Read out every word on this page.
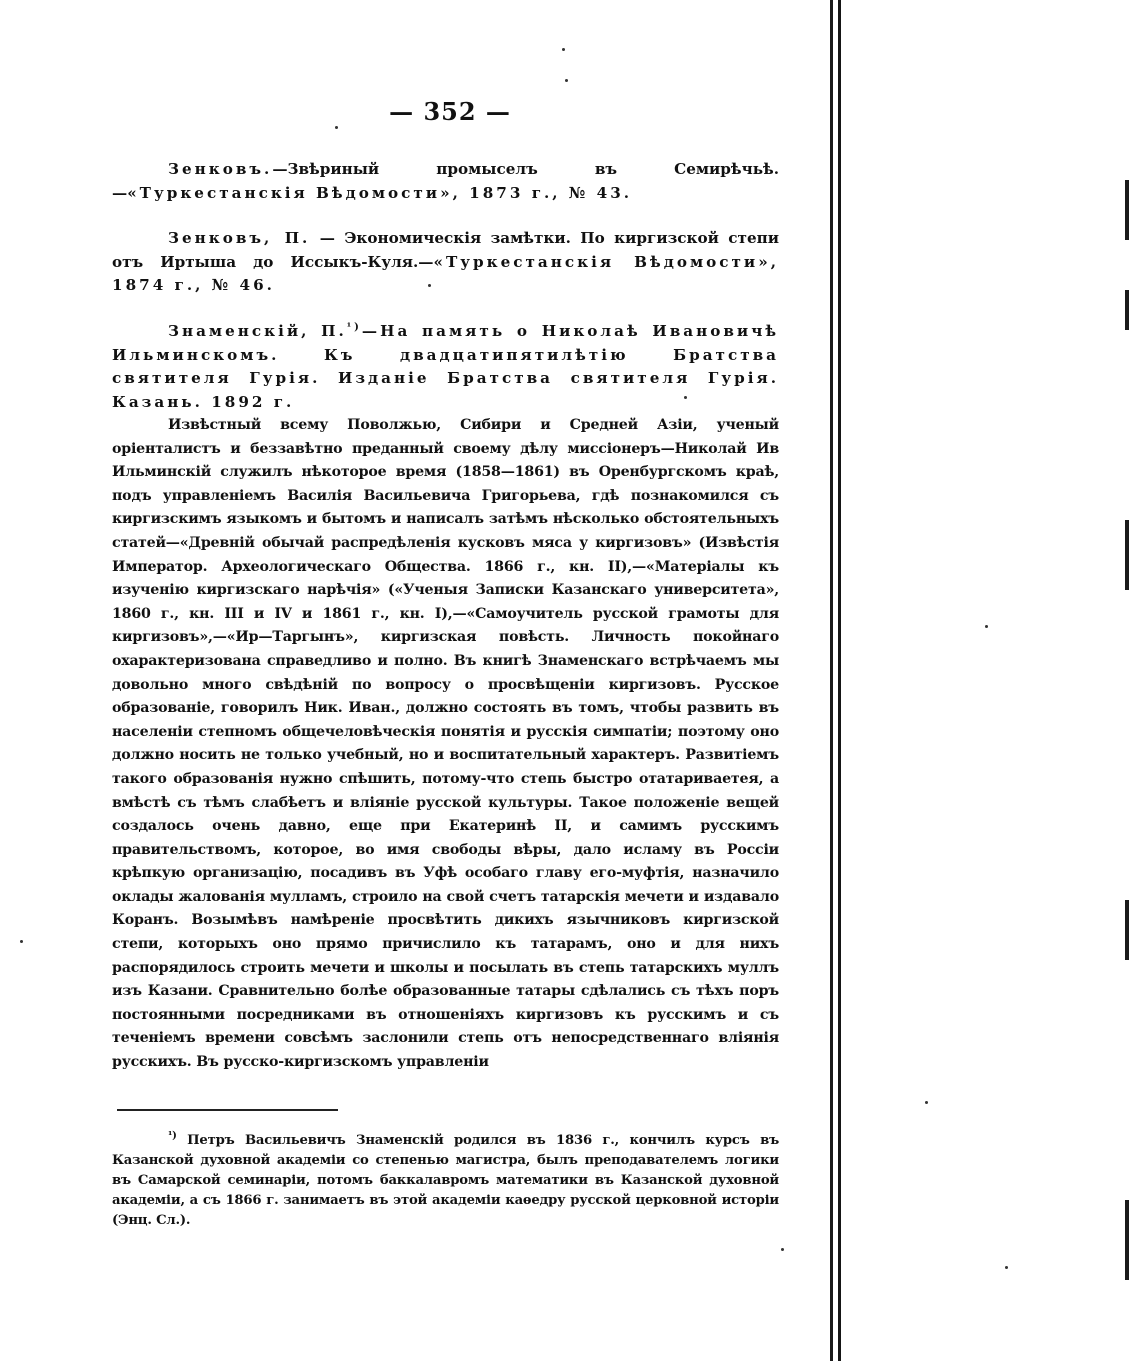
— 352 —

Зенковъ.—Звѣриный промыселъ въ Семирѣчьѣ.—«Туркестанскія Вѣдомости», 1873 г., № 43.

Зенковъ, П. — Экономическія замѣтки. По киргизской степи отъ Иртыша до Иссыкъ-Куля.—«Туркестанскія Вѣдомости», 1874 г., № 46.

Знаменскій, П.$^{^1)}$—На память о Николаѣ Ивановичѣ Ильминскомъ. Къ двадцатипятилѣтію Братства святителя Гурія. Изданіе Братства святителя Гурія. Казань. 1892 г.

Извѣстный всему Поволжью, Сибири и Средней Азіи, ученый оріенталистъ и беззавѣтно преданный своему дѣлу миссіонеръ—Николай Ив Ильминскій служилъ нѣкоторое время (1858—1861) въ Оренбургскомъ краѣ, подъ управленіемъ Василія Васильевича Григорьева, гдѣ познакомился съ киргизскимъ языкомъ и бытомъ и написалъ затѣмъ нѣсколько обстоятельныхъ статей—«Древній обычай распредѣленія кусковъ мяса у киргизовъ» (Извѣстія Император. Археологическаго Общества. 1866 г., кн. II),—«Матеріалы къ изученію киргизскаго нарѣчія» («Ученыя Записки Казанскаго университета», 1860 г., кн. III и IV и 1861 г., кн. I),—«Самоучитель русской грамоты для киргизовъ»,—«Ир—Таргынъ», киргизская повѣсть. Личность покойнаго охарактеризована справедливо и полно. Въ книгѣ Знаменскаго встрѣчаемъ мы довольно много свѣдѣній по вопросу о просвѣщеніи киргизовъ. Русское образованіе, говорилъ Ник. Иван., должно состоять въ томъ, чтобы развить въ населеніи степномъ общечеловѣческія понятія и русскія симпатіи; поэтому оно должно носить не только учебный, но и воспитательный характеръ. Развитіемъ такого образованія нужно спѣшить, потому-что степь быстро отатариваетея, а вмѣстѣ съ тѣмъ слабѣетъ и вліяніе русской культуры. Такое положеніе вещей создалось очень давно, еще при Екатеринѣ II, и самимъ русскимъ правительствомъ, которое, во имя свободы вѣры, дало исламу въ Россіи крѣпкую организацію, посадивъ въ Уфѣ особаго главу его-муфтія, назначило оклады жалованія мулламъ, строило на свой счетъ татарскія мечети и издавало Коранъ. Возымѣвъ намѣреніе просвѣтить дикихъ язычниковъ киргизской степи, которыхъ оно прямо причислило къ татарамъ, оно и для нихъ распорядилось строить мечети и школы и посылать въ степь татарскихъ муллъ изъ Казани. Сравнительно болѣе образованные татары сдѣлались съ тѣхъ поръ постоянными посредниками въ отношеніяхъ киргизовъ къ русскимъ и съ теченіемъ времени совсѣмъ заслонили степь отъ непосредственнаго вліянія русскихъ. Въ русско-киргизскомъ управленіи

$^{^1)}$ Петръ Васильевичъ Знаменскій родился въ 1836 г., кончилъ курсъ въ Казанской духовной академіи со степенью магистра, былъ преподавателемъ логики въ Самарской семинаріи, потомъ баккалавромъ математики въ Казанской духовной академіи, а съ 1866 г. занимаетъ въ этой академіи каѳедру русской церковной исторіи (Энц. Сл.).
